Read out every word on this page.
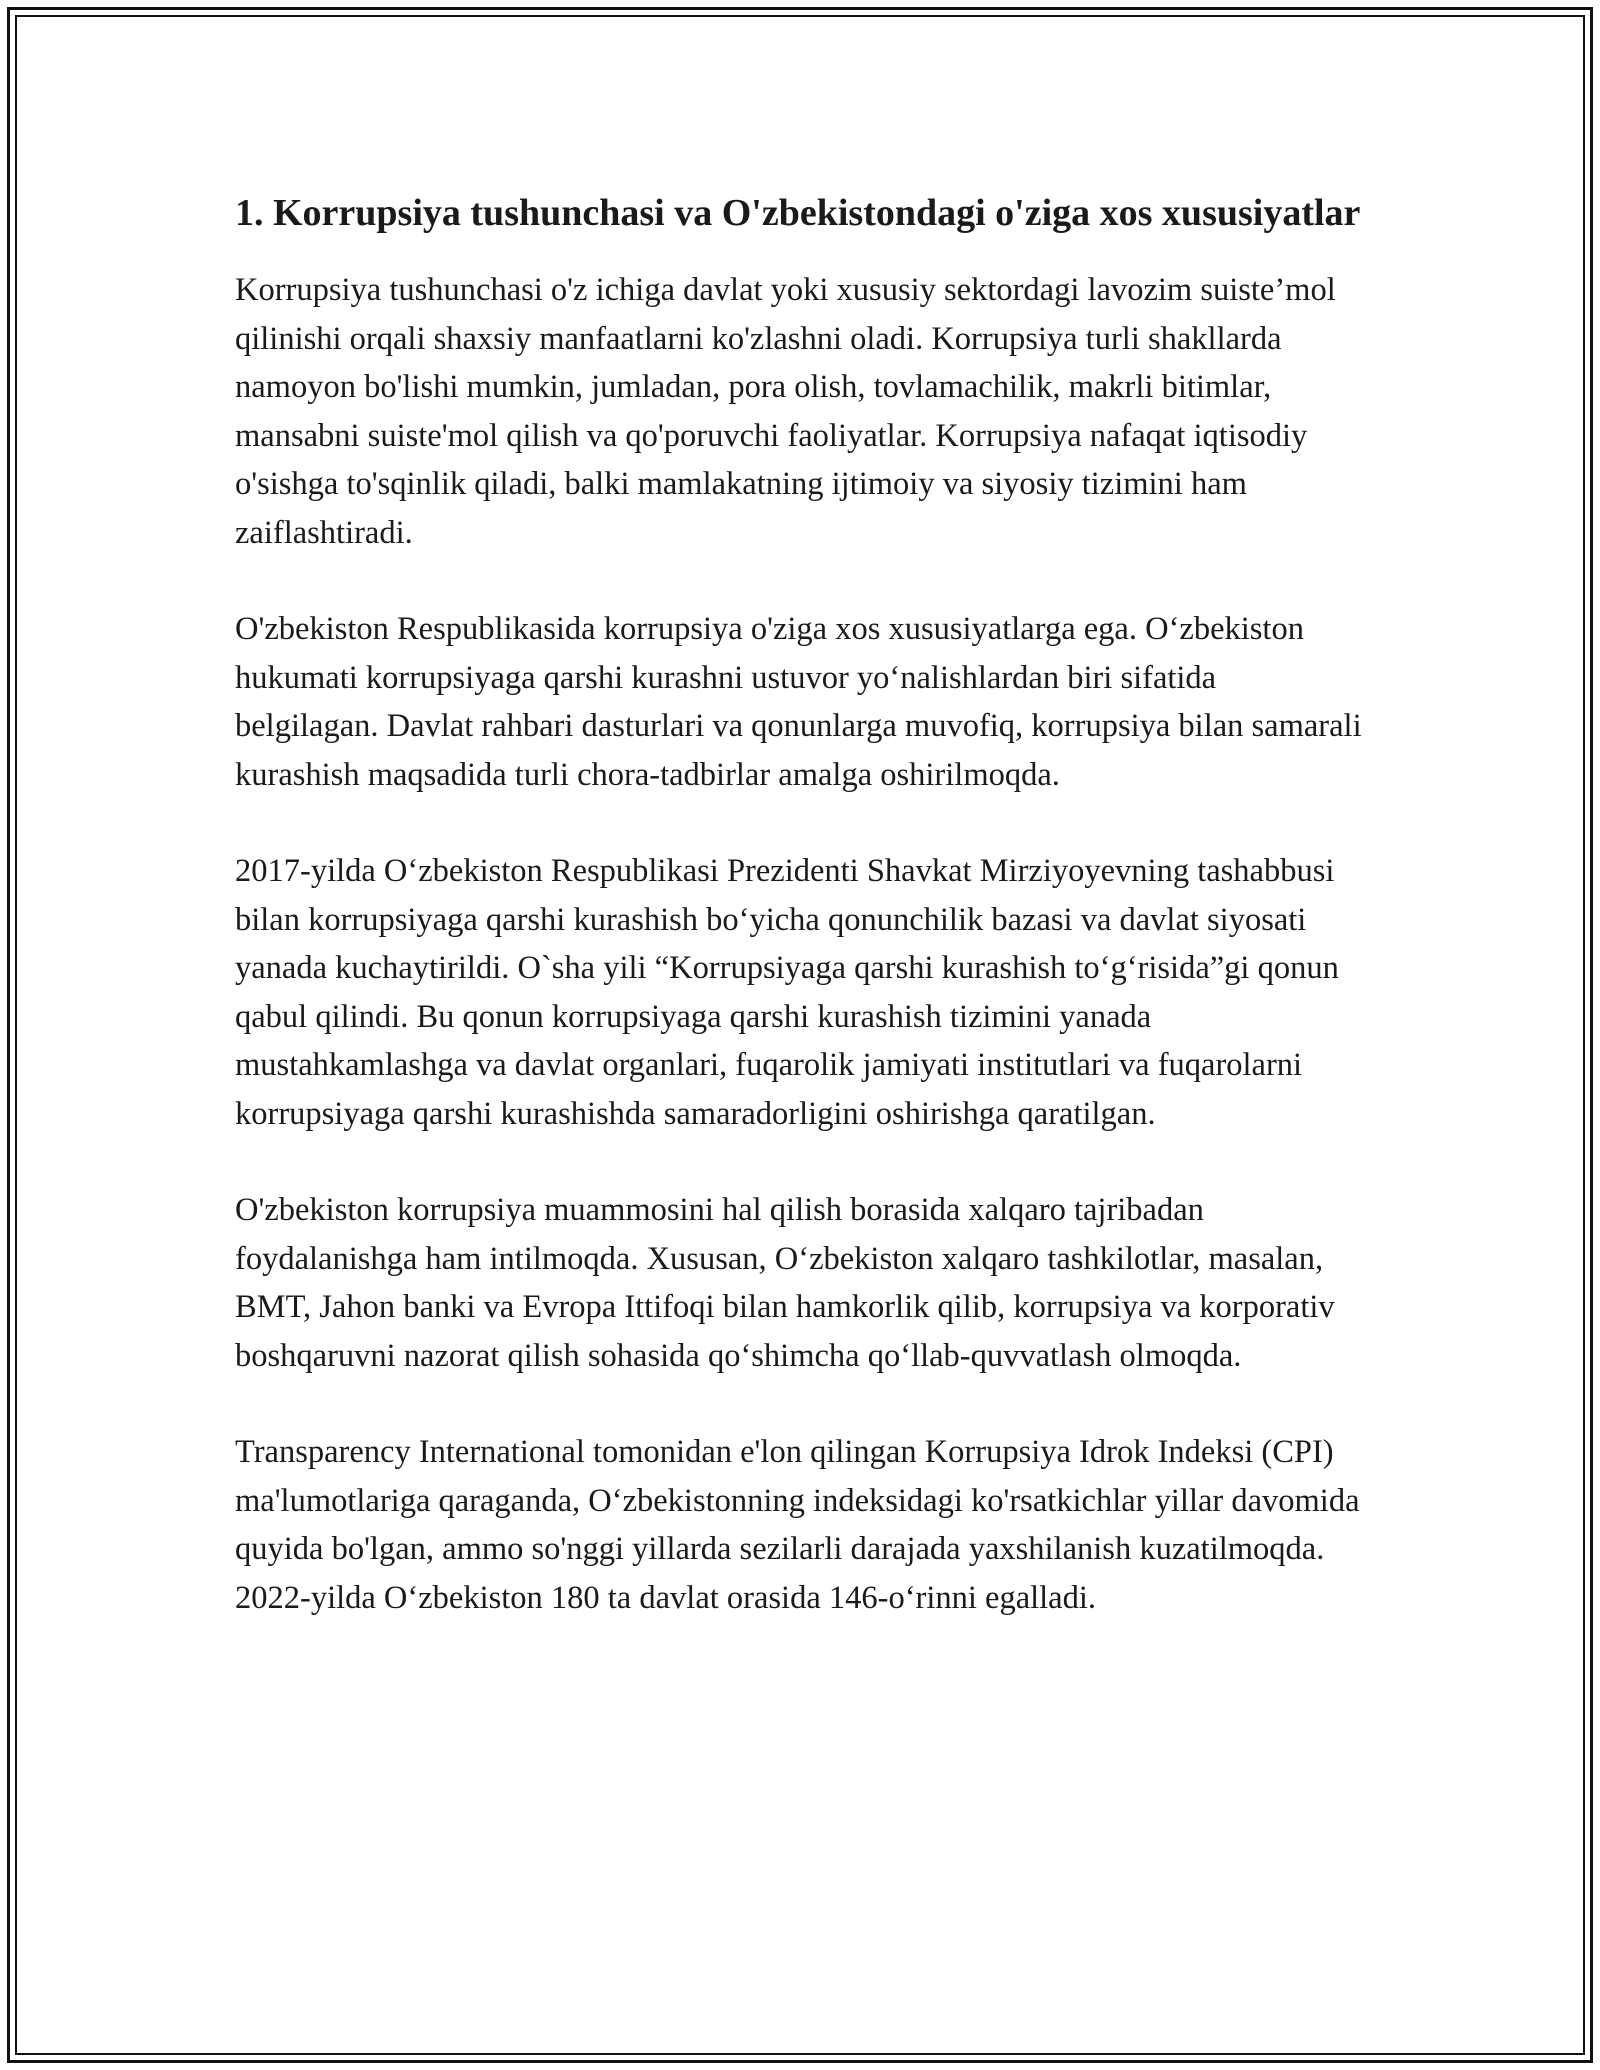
1. Korrupsiya tushunchasi va O'zbekistondagi o'ziga xos xususiyatlar

Korrupsiya tushunchasi o'z ichiga davlat yoki xususiy sektordagi lavozim suiste’mol qilinishi orqali shaxsiy manfaatlarni ko'zlashni oladi. Korrupsiya turli shakllarda namoyon bo'lishi mumkin, jumladan, pora olish, tovlamachilik, makrli bitimlar, mansabni suiste'mol qilish va qo'poruvchi faoliyatlar. Korrupsiya nafaqat iqtisodiy o'sishga to'sqinlik qiladi, balki mamlakatning ijtimoiy va siyosiy tizimini ham zaiflashtiradi.

O'zbekiston Respublikasida korrupsiya o'ziga xos xususiyatlarga ega. O‘zbekiston hukumati korrupsiyaga qarshi kurashni ustuvor yo‘nalishlardan biri sifatida belgilagan. Davlat rahbari dasturlari va qonunlarga muvofiq, korrupsiya bilan samarali kurashish maqsadida turli chora-tadbirlar amalga oshirilmoqda.

2017-yilda O‘zbekiston Respublikasi Prezidenti Shavkat Mirziyoyevning tashabbusi bilan korrupsiyaga qarshi kurashish bo‘yicha qonunchilik bazasi va davlat siyosati yanada kuchaytirildi. O`sha yili “Korrupsiyaga qarshi kurashish to‘g‘risida”gi qonun qabul qilindi. Bu qonun korrupsiyaga qarshi kurashish tizimini yanada mustahkamlashga va davlat organlari, fuqarolik jamiyati institutlari va fuqarolarni korrupsiyaga qarshi kurashishda samaradorligini oshirishga qaratilgan.

O'zbekiston korrupsiya muammosini hal qilish borasida xalqaro tajribadan foydalanishga ham intilmoqda. Xususan, O‘zbekiston xalqaro tashkilotlar, masalan, BMT, Jahon banki va Evropa Ittifoqi bilan hamkorlik qilib, korrupsiya va korporativ boshqaruvni nazorat qilish sohasida qo‘shimcha qo‘llab-quvvatlash olmoqda.

Transparency International tomonidan e'lon qilingan Korrupsiya Idrok Indeksi (CPI) ma'lumotlariga qaraganda, O‘zbekistonning indeksidagi ko'rsatkichlar yillar davomida quyida bo'lgan, ammo so'nggi yillarda sezilarli darajada yaxshilanish kuzatilmoqda. 2022-yilda O‘zbekiston 180 ta davlat orasida 146-o‘rinni egalladi.
